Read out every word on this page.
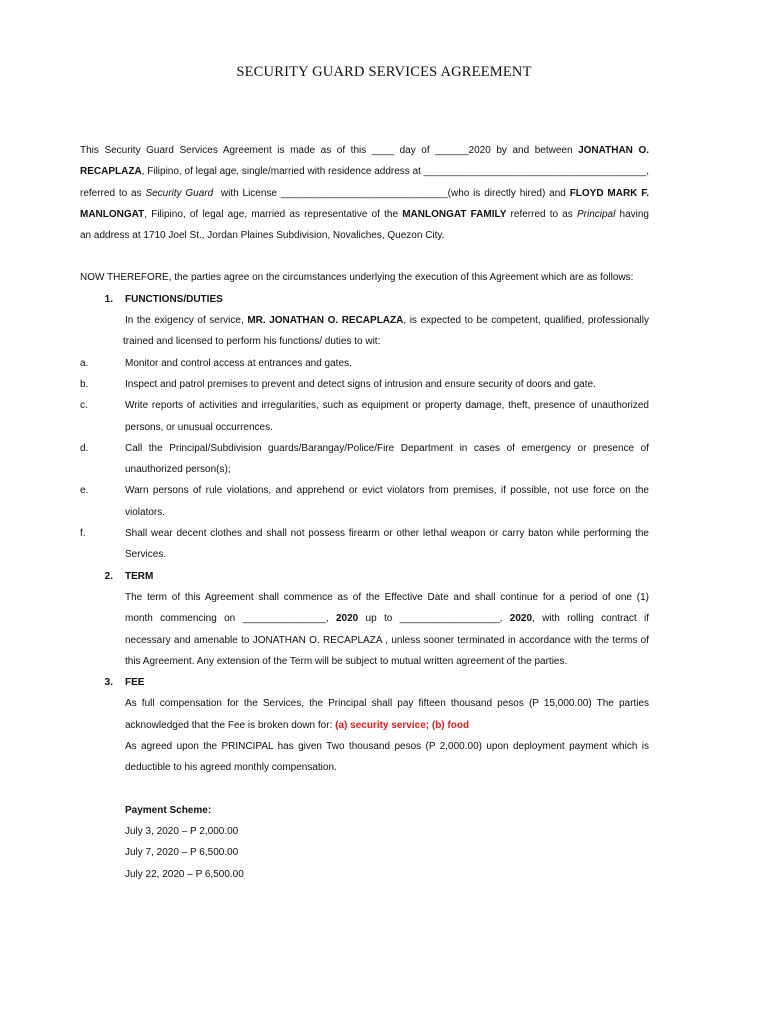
SECURITY GUARD SERVICES AGREEMENT

This Security Guard Services Agreement is made as of this ____ day of ______2020 by and between JONATHAN O.

RECAPLAZA, Filipino, of legal age, single/married with residence address at ________________________________________,

referred to as Security Guard with License ______________________________(who is directly hired) and FLOYD MARK F.

MANLONGAT, Filipino, of legal age, married as representative of the MANLONGAT FAMILY referred to as Principal having

an address at 1710 Joel St., Jordan Plaines Subdivision, Novaliches, Quezon City.

NOW THEREFORE, the parties agree on the circumstances underlying the execution of this Agreement which are as follows:

1. FUNCTIONS/DUTIES

In the exigency of service, MR. JONATHAN O. RECAPLAZA, is expected to be competent, qualified, professionally

trained and licensed to perform his functions/ duties to wit:

a.	Monitor and control access at entrances and gates.
b.	Inspect and patrol premises to prevent and detect signs of intrusion and ensure security of doors and gate.
c.	Write reports of activities and irregularities, such as equipment or property damage, theft, presence of unauthorized persons, or unusual occurrences.
d.	Call the Principal/Subdivision guards/Barangay/Police/Fire Department in cases of emergency or presence of unauthorized person(s);
e.	Warn persons of rule violations, and apprehend or evict violators from premises, if possible, not use force on the violators.
f.	Shall wear decent clothes and shall not possess firearm or other lethal weapon or carry baton while performing the Services.
2. TERM

The term of this Agreement shall commence as of the Effective Date and shall continue for a period of one (1)

month commencing on _______________, 2020 up to __________________, 2020, with rolling contract if

necessary and amenable to JONATHAN O. RECAPLAZA , unless sooner terminated in accordance with the terms of

this Agreement. Any extension of the Term will be subject to mutual written agreement of the parties.

3. FEE

As full compensation for the Services, the Principal shall pay fifteen thousand pesos (P 15,000.00) The parties

acknowledged that the Fee is broken down for: (a) security service; (b) food

As agreed upon the PRINCIPAL has given Two thousand pesos (P 2,000.00) upon deployment payment which is

deductible to his agreed monthly compensation.

Payment Scheme:

July 3, 2020 – P 2,000.00

July 7, 2020 – P 6,500.00

July 22, 2020 – P 6,500.00
